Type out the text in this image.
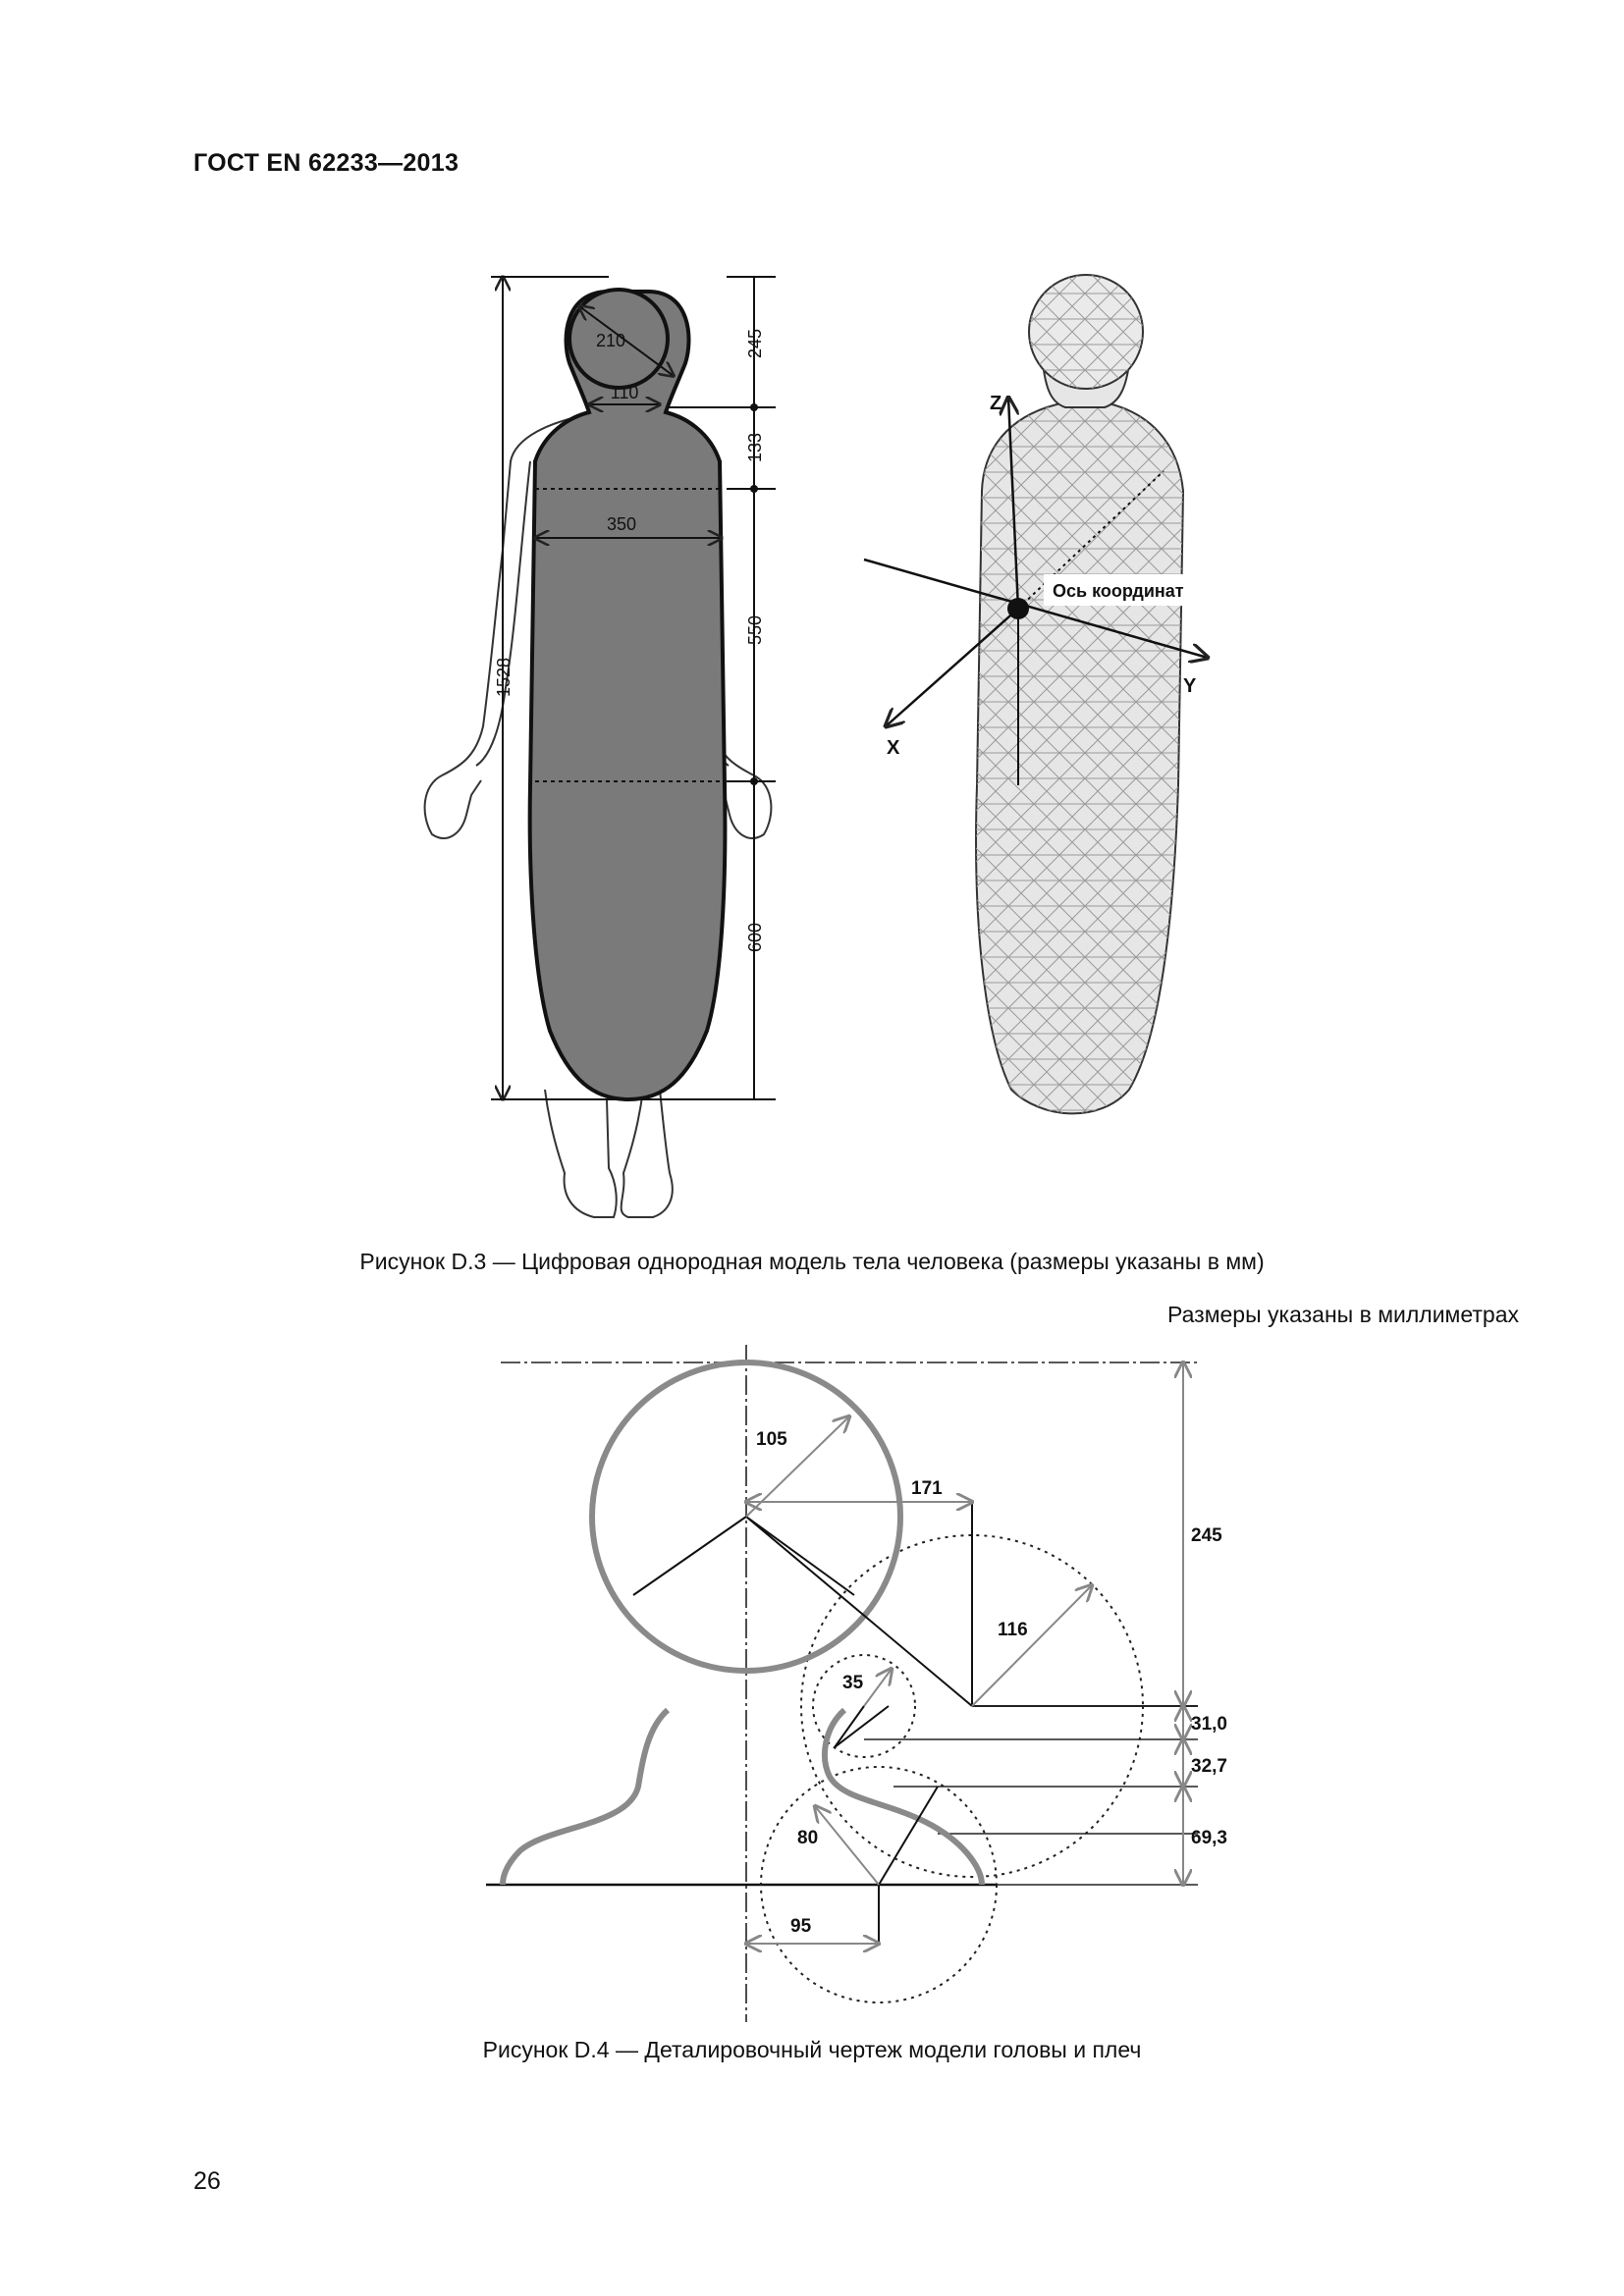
ГОСТ EN 62233—2013
210
110
350
1528
245
133
550
600
Z
Y
X
Ось координат
105
171
116
35
80
95
245
31,0
32,7
69,3
Рисунок D.3 — Цифровая однородная модель тела человека (размеры указаны в мм)
Размеры указаны в миллиметрах
Рисунок D.4 — Деталировочный чертеж модели головы и плеч
26
